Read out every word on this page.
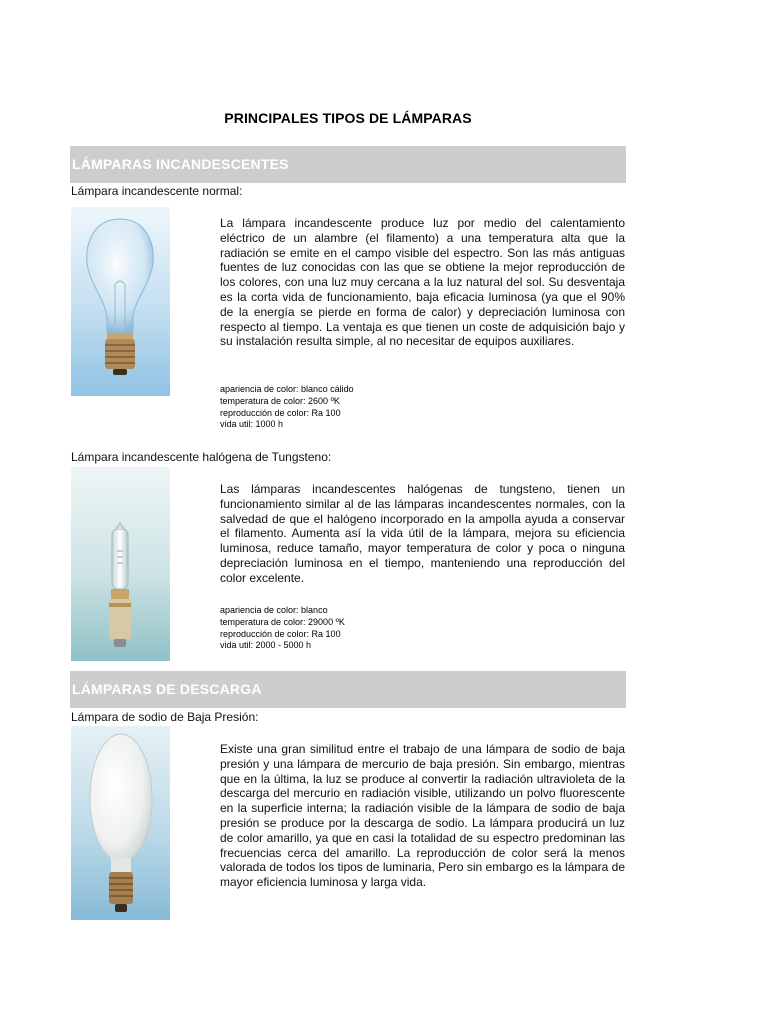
PRINCIPALES TIPOS DE LÁMPARAS
LÁMPARAS INCANDESCENTES
Lámpara incandescente normal:
La lámpara incandescente produce luz por medio del calentamiento eléctrico de un alambre (el filamento) a una temperatura alta que la radiación se emite en el campo visible del espectro. Son las más antiguas fuentes de luz conocidas con las que se obtiene la mejor reproducción de los colores, con una luz muy cercana a la luz natural del sol. Su desventaja es la corta vida de funcionamiento, baja eficacia luminosa (ya que el 90% de la energía se pierde en forma de calor) y depreciación luminosa con respecto al tiempo. La ventaja es que tienen un coste de adquisición bajo y su instalación resulta simple, al no necesitar de equipos auxiliares.
apariencia de color: blanco cálido
temperatura de color: 2600 ºK
reproducción de color: Ra 100
vida util: 1000 h
Lámpara incandescente halógena de Tungsteno:
Las lámparas incandescentes halógenas de tungsteno, tienen un funcionamiento similar al de las lámparas incandescentes normales, con la salvedad de que el halógeno incorporado en la ampolla ayuda a conservar el filamento. Aumenta así la vida útil de la lámpara, mejora su eficiencia luminosa, reduce tamaño, mayor temperatura de color y poca o ninguna depreciación luminosa en el tiempo, manteniendo una reproducción del color excelente.
apariencia de color: blanco
temperatura de color: 29000 ºK
reproducción de color: Ra 100
vida util: 2000 - 5000 h
LÁMPARAS DE DESCARGA
Lámpara de sodio de Baja Presión:
Existe una gran similitud entre el trabajo de una lámpara de sodio de baja presión y una lámpara de mercurio de baja presión. Sin embargo, mientras que en la última, la luz se produce al convertir la radiación ultravioleta de la descarga del mercurio en radiación visible, utilizando un polvo fluorescente en la superficie interna; la radiación visible de la lámpara de sodio de baja presión se produce por la descarga de sodio. La lámpara producirá un luz de color amarillo, ya que en casi la totalidad de su espectro predominan las frecuencias cerca del amarillo. La reproducción de color será la menos valorada de todos los tipos de luminaria, Pero sin embargo es la lámpara de mayor eficiencia luminosa y larga vida.
